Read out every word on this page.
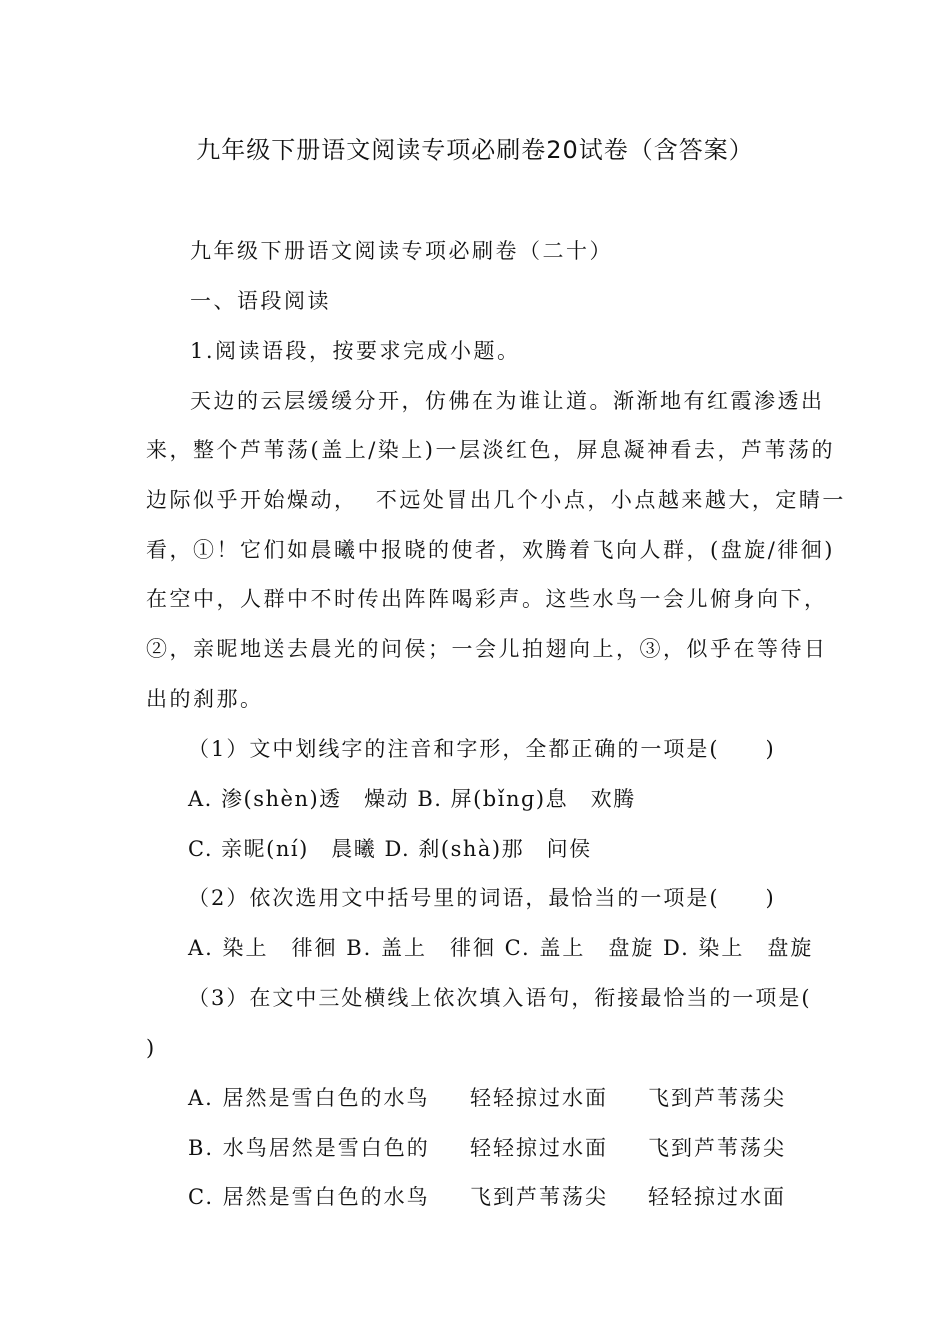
九年级下册语文阅读专项必刷卷20试卷（含答案）
九年级下册语文阅读专项必刷卷（二十）
一、语段阅读
1.阅读语段，按要求完成小题。
天边的云层缓缓分开，仿佛在为谁让道。渐渐地有红霞渗透出
来，整个芦苇荡(盖上/染上)一层淡红色，屏息凝神看去，芦苇荡的
边际似乎开始燥动，  不远处冒出几个小点，小点越来越大，定睛一
看，①！它们如晨曦中报晓的使者，欢腾着飞向人群，(盘旋/徘徊)
在空中，人群中不时传出阵阵喝彩声。这些水鸟一会儿俯身向下，
②，亲昵地送去晨光的问侯；一会儿拍翅向上，③，似乎在等待日
出的刹那。
（1）文中划线字的注音和字形，全都正确的一项是(　　)
A. 渗(shèn)透　燥动 B. 屏(bǐnɡ)息　欢腾
C. 亲昵(ní)　晨曦 D. 刹(shà)那　问侯
（2）依次选用文中括号里的词语，最恰当的一项是(　　)
A. 染上　徘徊 B. 盖上　徘徊 C. 盖上　盘旋 D. 染上　盘旋
（3）在文中三处横线上依次填入语句，衔接最恰当的一项是(
)

A. 居然是雪白色的水鸟

轻轻掠过水面

飞到芦苇荡尖

B. 水鸟居然是雪白色的

轻轻掠过水面

飞到芦苇荡尖

C. 居然是雪白色的水鸟

飞到芦苇荡尖

轻轻掠过水面
